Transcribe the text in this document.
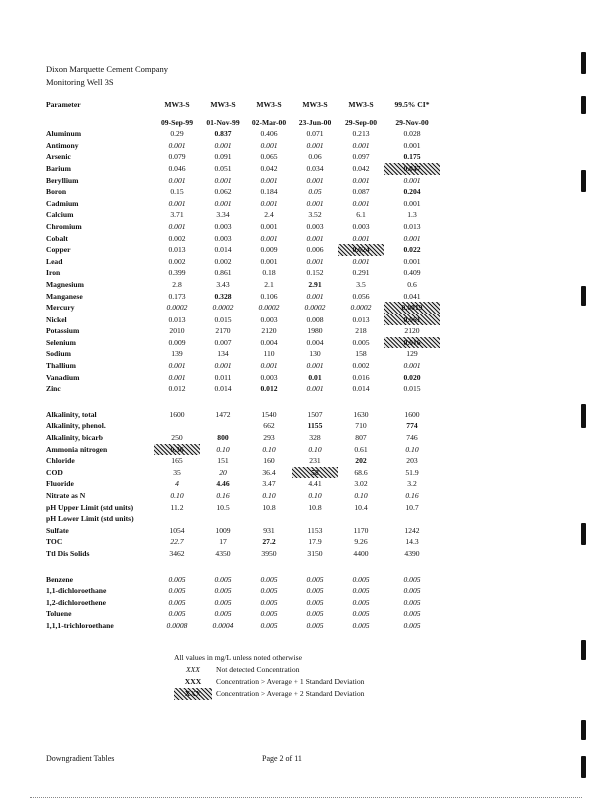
Dixon Marquette Cement Company
Monitoring Well 3S
Parameter	MW3-S	MW3-S	MW3-S	MW3-S	MW3-S	99.5% CI*

	09-Sep-99	01-Nov-99	02-Mar-00	23-Jun-00	29-Sep-00	29-Nov-00
Aluminum	0.29	0.837	0.406	0.071	0.213	0.028
Antimony	0.001	0.001	0.001	0.001	0.001	0.001
Arsenic	0.079	0.091	0.065	0.06	0.097	0.175
Barium	0.046	0.051	0.042	0.034	0.042	0.047
Beryllium	0.001	0.001	0.001	0.001	0.001	0.001
Boron	0.15	0.062	0.184	0.05	0.087	0.204
Cadmium	0.001	0.001	0.001	0.001	0.001	0.001
Calcium	3.71	3.34	2.4	3.52	6.1	1.3
Chromium	0.001	0.003	0.001	0.003	0.003	0.013
Cobalt	0.002	0.003	0.001	0.001	0.001	0.001
Copper	0.013	0.014	0.009	0.006	0.024	0.022
Lead	0.002	0.002	0.001	0.001	0.001	0.001
Iron	0.399	0.861	0.18	0.152	0.291	0.409
Magnesium	2.8	3.43	2.1	2.91	3.5	0.6
Manganese	0.173	0.328	0.106	0.001	0.056	0.041
Mercury	0.0002	0.0002	0.0002	0.0002	0.0002	0.0019
Nickel	0.013	0.015	0.003	0.008	0.013	0.061
Potassium	2010	2170	2120	1980	218	2120
Selenium	0.009	0.007	0.004	0.004	0.005	0.016
Sodium	139	134	110	130	158	129
Thallium	0.001	0.001	0.001	0.001	0.002	0.001
Vanadium	0.001	0.011	0.003	0.01	0.016	0.020
Zinc	0.012	0.014	0.012	0.001	0.014	0.015

Alkalinity, total	1600	1472	1540	1507	1630	1600
Alkalinity, phenol.			662	1155	710	774
Alkalinity, bicarb	250	800	293	328	807	746
Ammonia nitrogen	0.36	0.10	0.10	0.10	0.61	0.10
Chloride	165	151	160	231	202	203
COD	35	20	36.4	58	68.6	51.9
Fluoride	4	4.46	3.47	4.41	3.02	3.2
Nitrate as N	0.10	0.16	0.10	0.10	0.10	0.16
pH Upper Limit (std units)	11.2	10.5	10.8	10.8	10.4	10.7
pH Lower Limit (std units)						
Sulfate	1054	1009	931	1153	1170	1242
TOC	22.7	17	27.2	17.9	9.26	14.3
Ttl Dis Solids	3462	4350	3950	3150	4400	4390

Benzene	0.005	0.005	0.005	0.005	0.005	0.005
1,1-dichloroethane	0.005	0.005	0.005	0.005	0.005	0.005
1,2-dichloroethene	0.005	0.005	0.005	0.005	0.005	0.005
Toluene	0.005	0.005	0.005	0.005	0.005	0.005
1,1,1-trichloroethane	0.0008	0.0004	0.005	0.005	0.005	0.005
All values in mg/L unless noted otherwise
XXX Not detected Concentration
XXX Concentration > Average + 1 Standard Deviation
XXX Concentration > Average + 2 Standard Deviation
Downgradient Tables	Page 2 of 11
